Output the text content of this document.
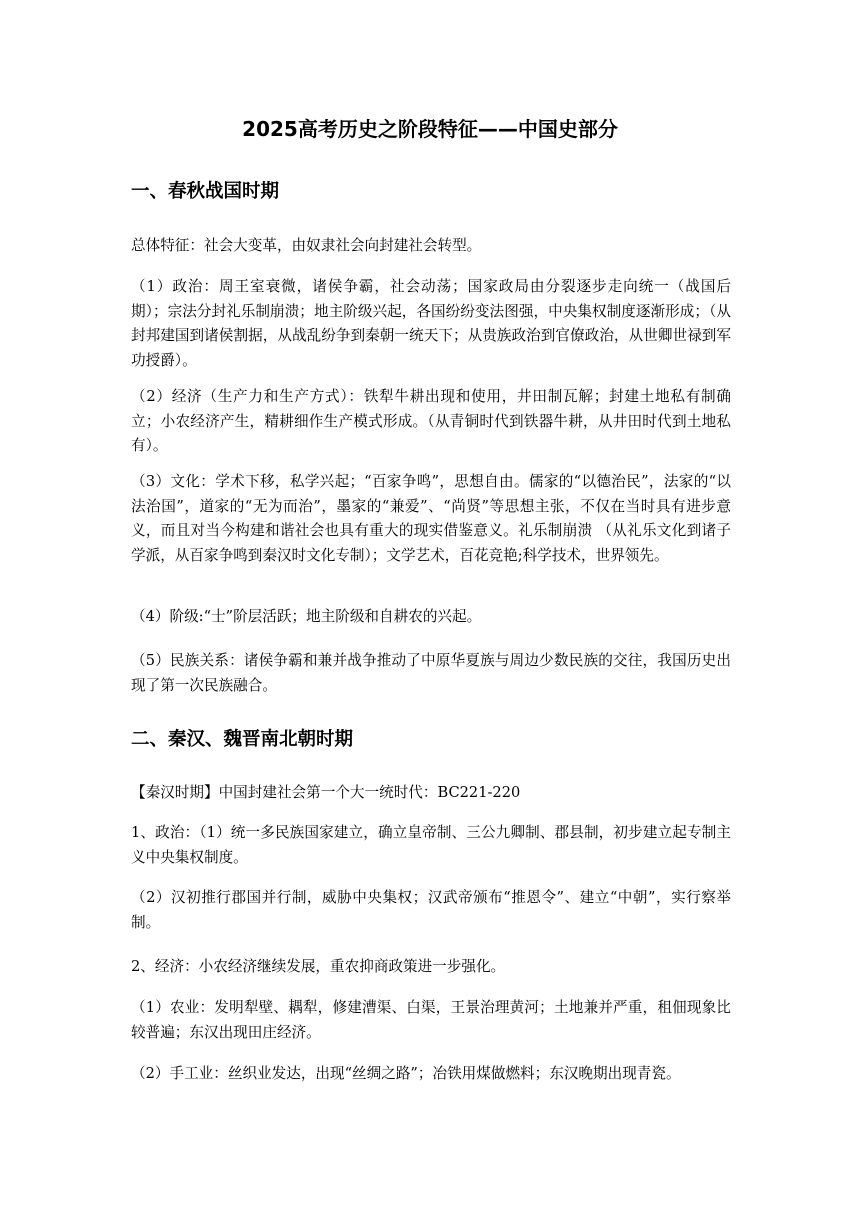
2025高考历史之阶段特征——中国史部分
一、春秋战国时期
总体特征：社会大变革，由奴隶社会向封建社会转型。
（1）政治：周王室衰微，诸侯争霸，社会动荡；国家政局由分裂逐步走向统一（战国后期）；宗法分封礼乐制崩溃；地主阶级兴起，各国纷纷变法图强，中央集权制度逐渐形成；（从封邦建国到诸侯割据，从战乱纷争到秦朝一统天下；从贵族政治到官僚政治，从世卿世禄到军功授爵）。
（2）经济（生产力和生产方式）：铁犁牛耕出现和使用，井田制瓦解；封建土地私有制确立；小农经济产生，精耕细作生产模式形成。（从青铜时代到铁器牛耕，从井田时代到土地私有）。
（3）文化：学术下移，私学兴起；“百家争鸣”，思想自由。儒家的“以德治民”，法家的“以法治国”，道家的“无为而治”，墨家的“兼爱”、“尚贤”等思想主张，不仅在当时具有进步意义，而且对当今构建和谐社会也具有重大的现实借鉴意义。礼乐制崩溃 （从礼乐文化到诸子学派，从百家争鸣到秦汉时文化专制）；文学艺术，百花竞艳;科学技术，世界领先。
（4）阶级:“士”阶层活跃；地主阶级和自耕农的兴起。
（5）民族关系：诸侯争霸和兼并战争推动了中原华夏族与周边少数民族的交往，我国历史出现了第一次民族融合。
二、秦汉、魏晋南北朝时期
【秦汉时期】中国封建社会第一个大一统时代：BC221-220
1、政治：（1）统一多民族国家建立，确立皇帝制、三公九卿制、郡县制，初步建立起专制主义中央集权制度。
（2）汉初推行郡国并行制，威胁中央集权；汉武帝颁布“推恩令”、建立“中朝”，实行察举制。
2、经济：小农经济继续发展，重农抑商政策进一步强化。
（1）农业：发明犁壁、耦犁，修建漕渠、白渠，王景治理黄河；土地兼并严重，租佃现象比较普遍；东汉出现田庄经济。
（2）手工业：丝织业发达，出现“丝绸之路”；冶铁用煤做燃料；东汉晚期出现青瓷。
